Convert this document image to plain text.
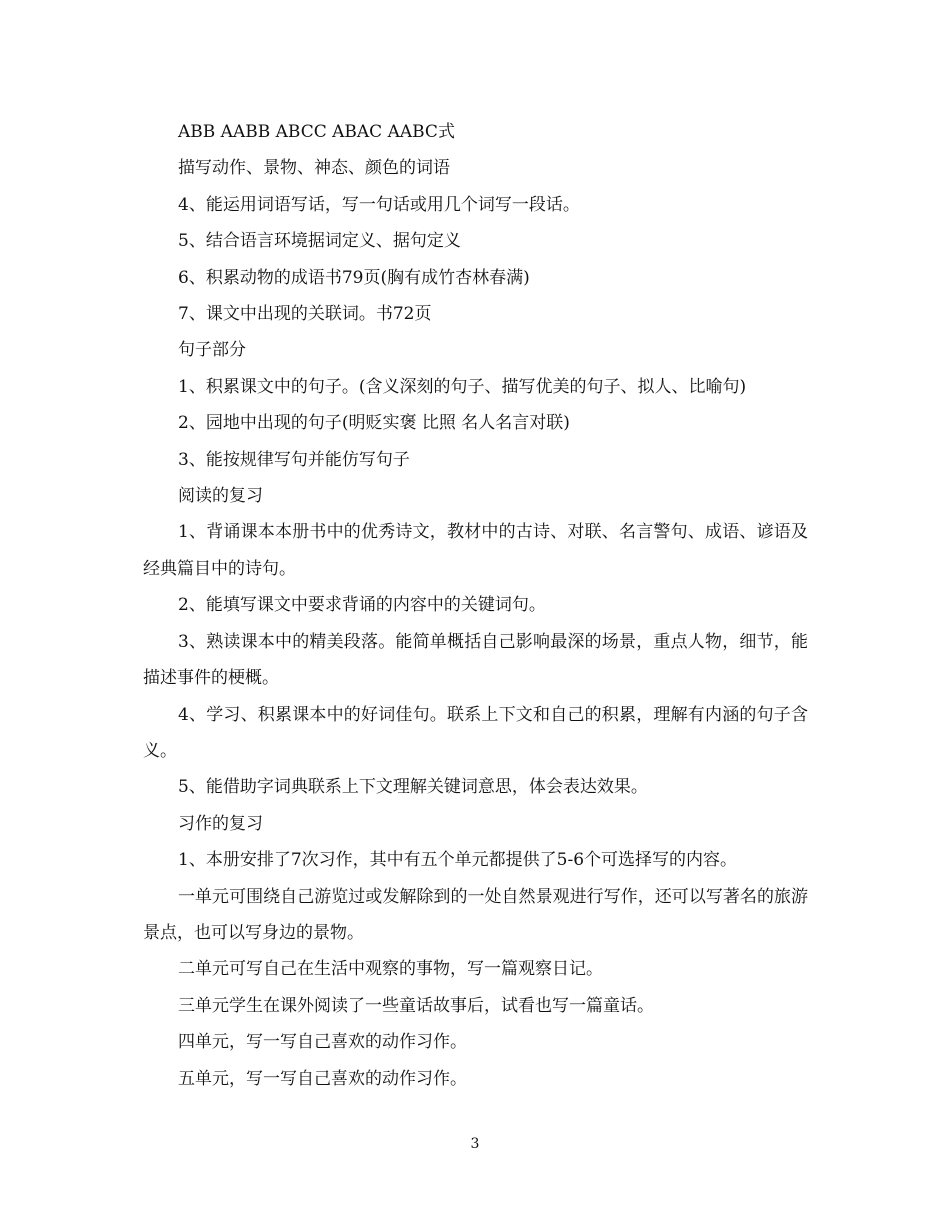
ABB AABB ABCC ABAC AABC式

描写动作、景物、神态、颜色的词语

4、能运用词语写话，写一句话或用几个词写一段话。

5、结合语言环境据词定义、据句定义

6、积累动物的成语书79页(胸有成竹杏林春满)

7、课文中出现的关联词。书72页

句子部分

1、积累课文中的句子。(含义深刻的句子、描写优美的句子、拟人、比喻句)

2、园地中出现的句子(明贬实褒 比照 名人名言对联)

3、能按规律写句并能仿写句子

阅读的复习

1、背诵课本本册书中的优秀诗文，教材中的古诗、对联、名言警句、成语、谚语及经典篇目中的诗句。

2、能填写课文中要求背诵的内容中的关键词句。

3、熟读课本中的精美段落。能简单概括自己影响最深的场景，重点人物，细节，能描述事件的梗概。

4、学习、积累课本中的好词佳句。联系上下文和自己的积累，理解有内涵的句子含义。

5、能借助字词典联系上下文理解关键词意思，体会表达效果。

习作的复习

1、本册安排了7次习作，其中有五个单元都提供了5-6个可选择写的内容。

一单元可围绕自己游览过或发解除到的一处自然景观进行写作，还可以写著名的旅游景点，也可以写身边的景物。

二单元可写自己在生活中观察的事物，写一篇观察日记。

三单元学生在课外阅读了一些童话故事后，试看也写一篇童话。

四单元，写一写自己喜欢的动作习作。

五单元，写一写自己喜欢的动作习作。

3
